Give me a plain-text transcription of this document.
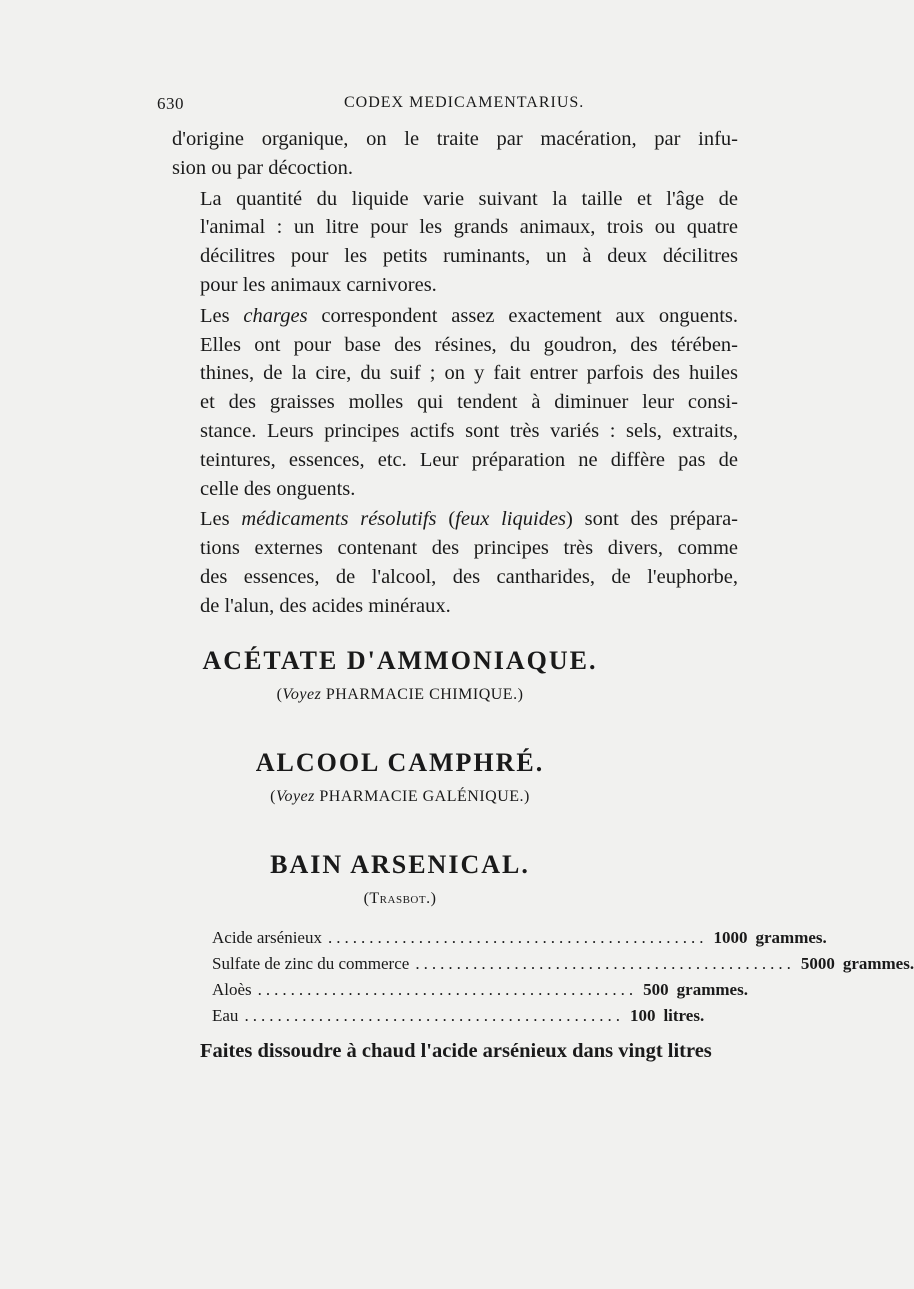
630	CODEX MEDICAMENTARIUS.

d'origine organique, on le traite par macération, par infu-
sion ou par décoction.

La quantité du liquide varie suivant la taille et l'âge de
l'animal : un litre pour les grands animaux, trois ou quatre
décilitres pour les petits ruminants, un à deux décilitres
pour les animaux carnivores.

Les charges correspondent assez exactement aux onguents.
Elles ont pour base des résines, du goudron, des térében-
thines, de la cire, du suif ; on y fait entrer parfois des huiles
et des graisses molles qui tendent à diminuer leur consi-
stance. Leurs principes actifs sont très variés : sels, extraits,
teintures, essences, etc. Leur préparation ne diffère pas de
celle des onguents.

Les médicaments résolutifs (feux liquides) sont des prépara-
tions externes contenant des principes très divers, comme
des essences, de l'alcool, des cantharides, de l'euphorbe,
de l'alun, des acides minéraux.

ACÉTATE D'AMMONIAQUE.
(Voyez PHARMACIE CHIMIQUE.)
ALCOOL CAMPHRÉ.
(Voyez PHARMACIE GALÉNIQUE.)
BAIN ARSENICAL.
(Trasbot.)
Acide arsénieux .............................................. 1000 grammes.
Sulfate de zinc du commerce .............................................. 5000 grammes.
Aloès .............................................. 500 grammes.
Eau .............................................. 100 litres.
Faites dissoudre à chaud l'acide arsénieux dans vingt litres
